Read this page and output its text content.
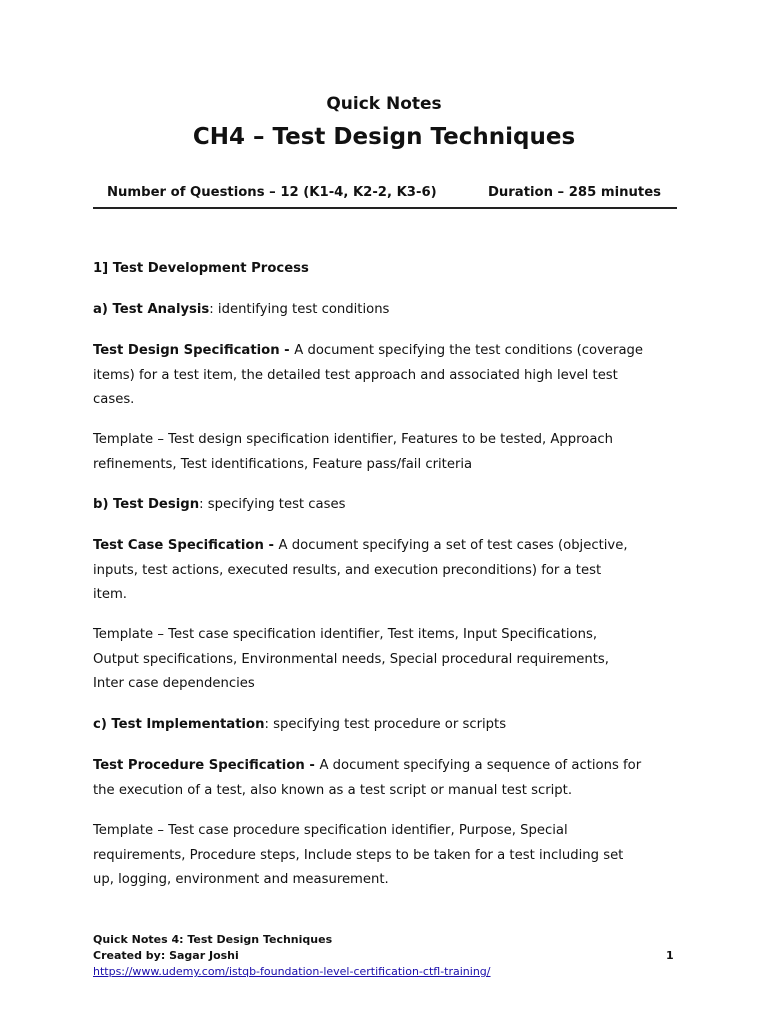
Quick Notes
CH4 – Test Design Techniques
Number of Questions – 12 (K1-4, K2-2, K3-6)	Duration – 285 minutes
1] Test Development Process
a) Test Analysis: identifying test conditions
Test Design Specification - A document specifying the test conditions (coverage
items) for a test item, the detailed test approach and associated high level test
cases.
Template – Test design specification identifier, Features to be tested, Approach
refinements, Test identifications, Feature pass/fail criteria
b) Test Design: specifying test cases
Test Case Specification - A document specifying a set of test cases (objective,
inputs, test actions, executed results, and execution preconditions) for a test
item.
Template – Test case specification identifier, Test items, Input Specifications,
Output specifications, Environmental needs, Special procedural requirements,
Inter case dependencies
c) Test Implementation: specifying test procedure or scripts
Test Procedure Specification - A document specifying a sequence of actions for
the execution of a test, also known as a test script or manual test script.
Template – Test case procedure specification identifier, Purpose, Special
requirements, Procedure steps, Include steps to be taken for a test including set
up, logging, environment and measurement.
Quick Notes 4: Test Design Techniques
Created by: Sagar Joshi
https://www.udemy.com/istqb-foundation-level-certification-ctfl-training/
1
